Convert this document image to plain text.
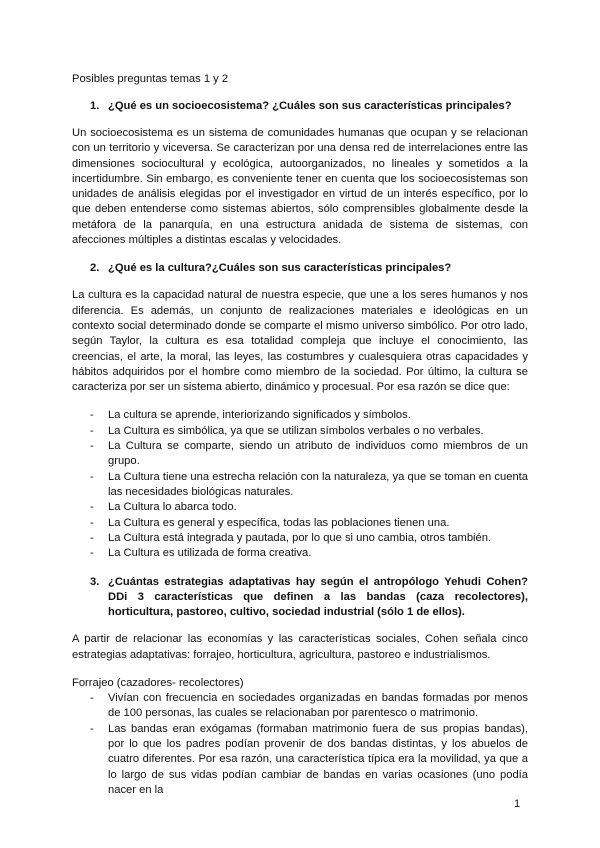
Posibles preguntas temas 1 y 2
1. ¿Qué es un socioecosistema? ¿Cuáles son sus características principales?

Un socioecosistema es un sistema de comunidades humanas que ocupan y se relacionan con un territorio y viceversa. Se caracterizan por una densa red de interrelaciones entre las dimensiones sociocultural y ecológica, autoorganizados, no lineales y sometidos a la incertidumbre. Sin embargo, es conveniente tener en cuenta que los socioecosistemas son unidades de análisis elegidas por el investigador en virtud de un interés específico, por lo que deben entenderse como sistemas abiertos, sólo comprensibles globalmente desde la metáfora de la panarquía, en una estructura anidada de sistema de sistemas, con afecciones múltiples a distintas escalas y velocidades.

2. ¿Qué es la cultura?¿Cuáles son sus características principales?

La cultura es la capacidad natural de nuestra especie, que une a los seres humanos y nos diferencia. Es además, un conjunto de realizaciones materiales e ideológicas en un contexto social determinado donde se comparte el mismo universo simbólico. Por otro lado, según Taylor, la cultura es esa totalidad compleja que incluye el conocimiento, las creencias, el arte, la moral, las leyes, las costumbres y cualesquiera otras capacidades y hábitos adquiridos por el hombre como miembro de la sociedad. Por último, la cultura se caracteriza por ser un sistema abierto, dinámico y procesual. Por esa razón se dice que:

-	La cultura se aprende, interiorizando significados y símbolos.
-	La Cultura es simbólica, ya que se utilizan símbolos verbales o no verbales.
-	La Cultura se comparte, siendo un atributo de individuos como miembros de un grupo.
-	La Cultura tiene una estrecha relación con la naturaleza, ya que se toman en cuenta las necesidades biológicas naturales.
-	La Cultura lo abarca todo.
-	La Cultura es general y específica, todas las poblaciones tienen una.
-	La Cultura está integrada y pautada, por lo que si uno cambia, otros también.
-	La Cultura es utilizada de forma creativa.
3. ¿Cuántas estrategias adaptativas hay según el antropólogo Yehudi Cohen? DDi 3 características que definen a las bandas (caza recolectores), horticultura, pastoreo, cultivo, sociedad industrial (sólo 1 de ellos).

A partir de relacionar las economías y las características sociales, Cohen señala cinco estrategias adaptativas: forrajeo, horticultura, agricultura, pastoreo e industrialismos.

Forrajeo (cazadores- recolectores)
-	Vivían con frecuencia en sociedades organizadas en bandas formadas por menos de 100 personas, las cuales se relacionaban por parentesco o matrimonio.
-	Las bandas eran exógamas (formaban matrimonio fuera de sus propias bandas), por lo que los padres podían provenir de dos bandas distintas, y los abuelos de cuatro diferentes. Por esa razón, una característica típica era la movilidad, ya que a lo largo de sus vidas podían cambiar de bandas en varias ocasiones (uno podía nacer en la
1
